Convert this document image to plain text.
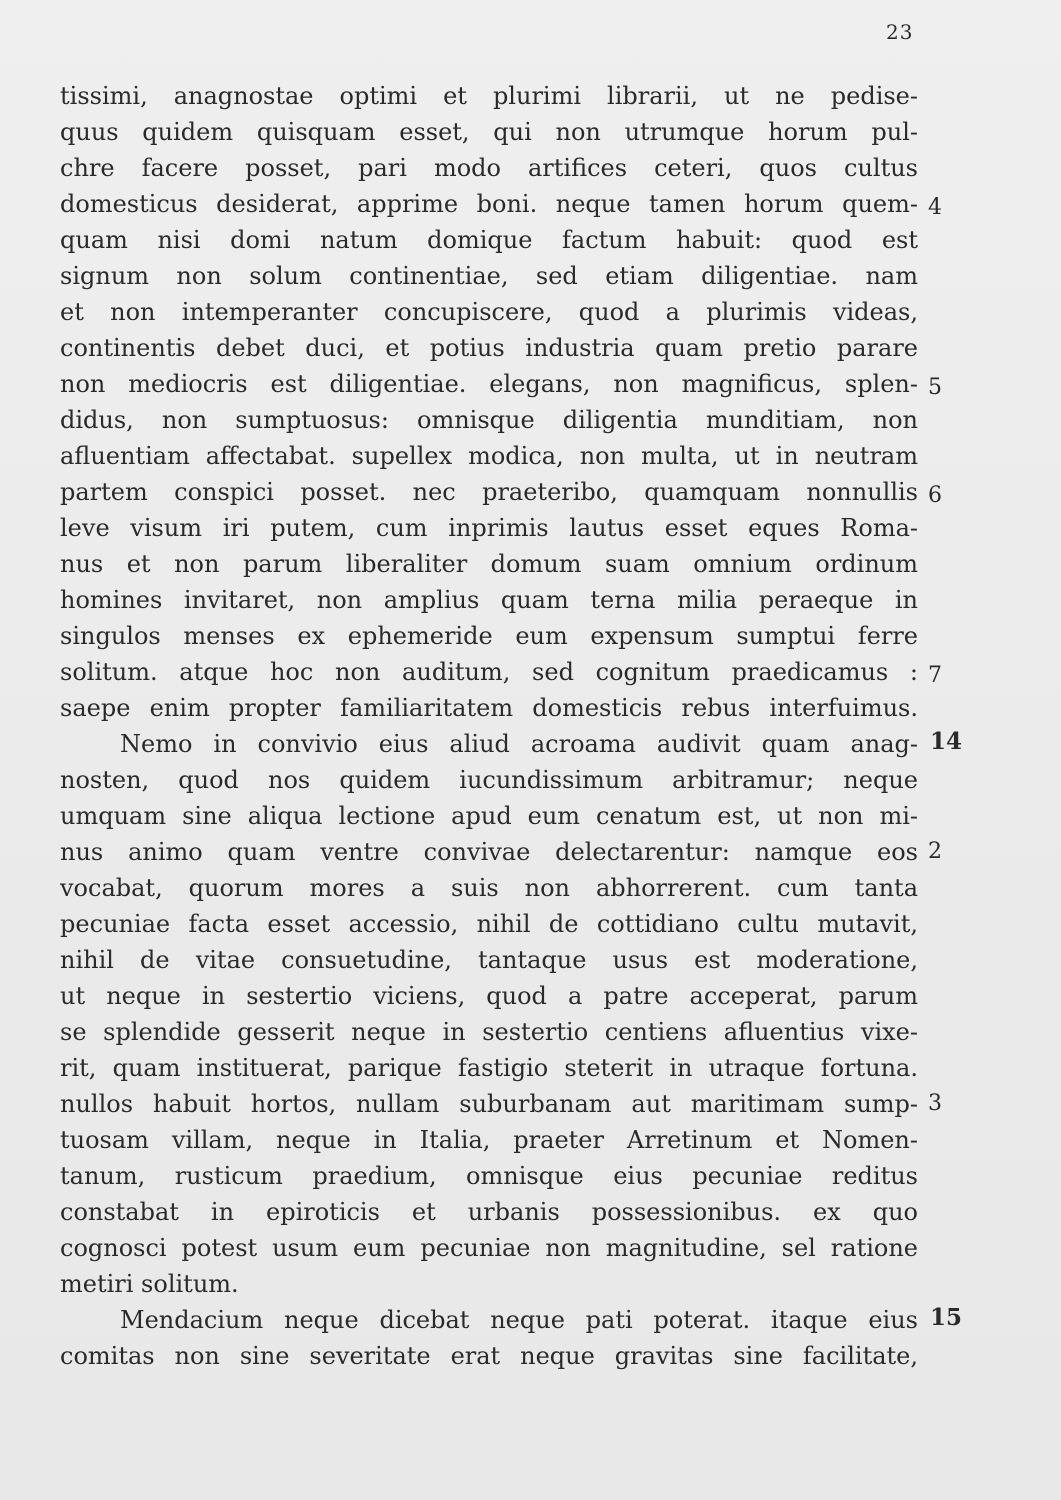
23
tissimi, anagnostae optimi et plurimi librarii, ut ne pedise-
quus quidem quisquam esset, qui non utrumque horum pul-
chre facere posset, pari modo artifices ceteri, quos cultus
domesticus desiderat, apprime boni. neque tamen horum quem-
quam nisi domi natum domique factum habuit: quod est
signum non solum continentiae, sed etiam diligentiae. nam
et non intemperanter concupiscere, quod a plurimis videas,
continentis debet duci, et potius industria quam pretio parare
non mediocris est diligentiae. elegans, non magnificus, splen-
didus, non sumptuosus: omnisque diligentia munditiam, non
afluentiam affectabat. supellex modica, non multa, ut in neutram
partem conspici posset. nec praeteribo, quamquam nonnullis
leve visum iri putem, cum inprimis lautus esset eques Roma-
nus et non parum liberaliter domum suam omnium ordinum
homines invitaret, non amplius quam terna milia peraeque in
singulos menses ex ephemeride eum expensum sumptui ferre
solitum. atque hoc non auditum, sed cognitum praedicamus :
saepe enim propter familiaritatem domesticis rebus interfuimus.
Nemo in convivio eius aliud acroama audivit quam anag-
nosten, quod nos quidem iucundissimum arbitramur; neque
umquam sine aliqua lectione apud eum cenatum est, ut non mi-
nus animo quam ventre convivae delectarentur: namque eos
vocabat, quorum mores a suis non abhorrerent. cum tanta
pecuniae facta esset accessio, nihil de cottidiano cultu mutavit,
nihil de vitae consuetudine, tantaque usus est moderatione,
ut neque in sestertio viciens, quod a patre acceperat, parum
se splendide gesserit neque in sestertio centiens afluentius vixe-
rit, quam instituerat, parique fastigio steterit in utraque fortuna.
nullos habuit hortos, nullam suburbanam aut maritimam sump-
tuosam villam, neque in Italia, praeter Arretinum et Nomen-
tanum, rusticum praedium, omnisque eius pecuniae reditus
constabat in epiroticis et urbanis possessionibus. ex quo
cognosci potest usum eum pecuniae non magnitudine, sel ratione
metiri solitum.
Mendacium neque dicebat neque pati poterat. itaque eius
comitas non sine severitate erat neque gravitas sine facilitate,
4
5
6
7
14
2
3
15
